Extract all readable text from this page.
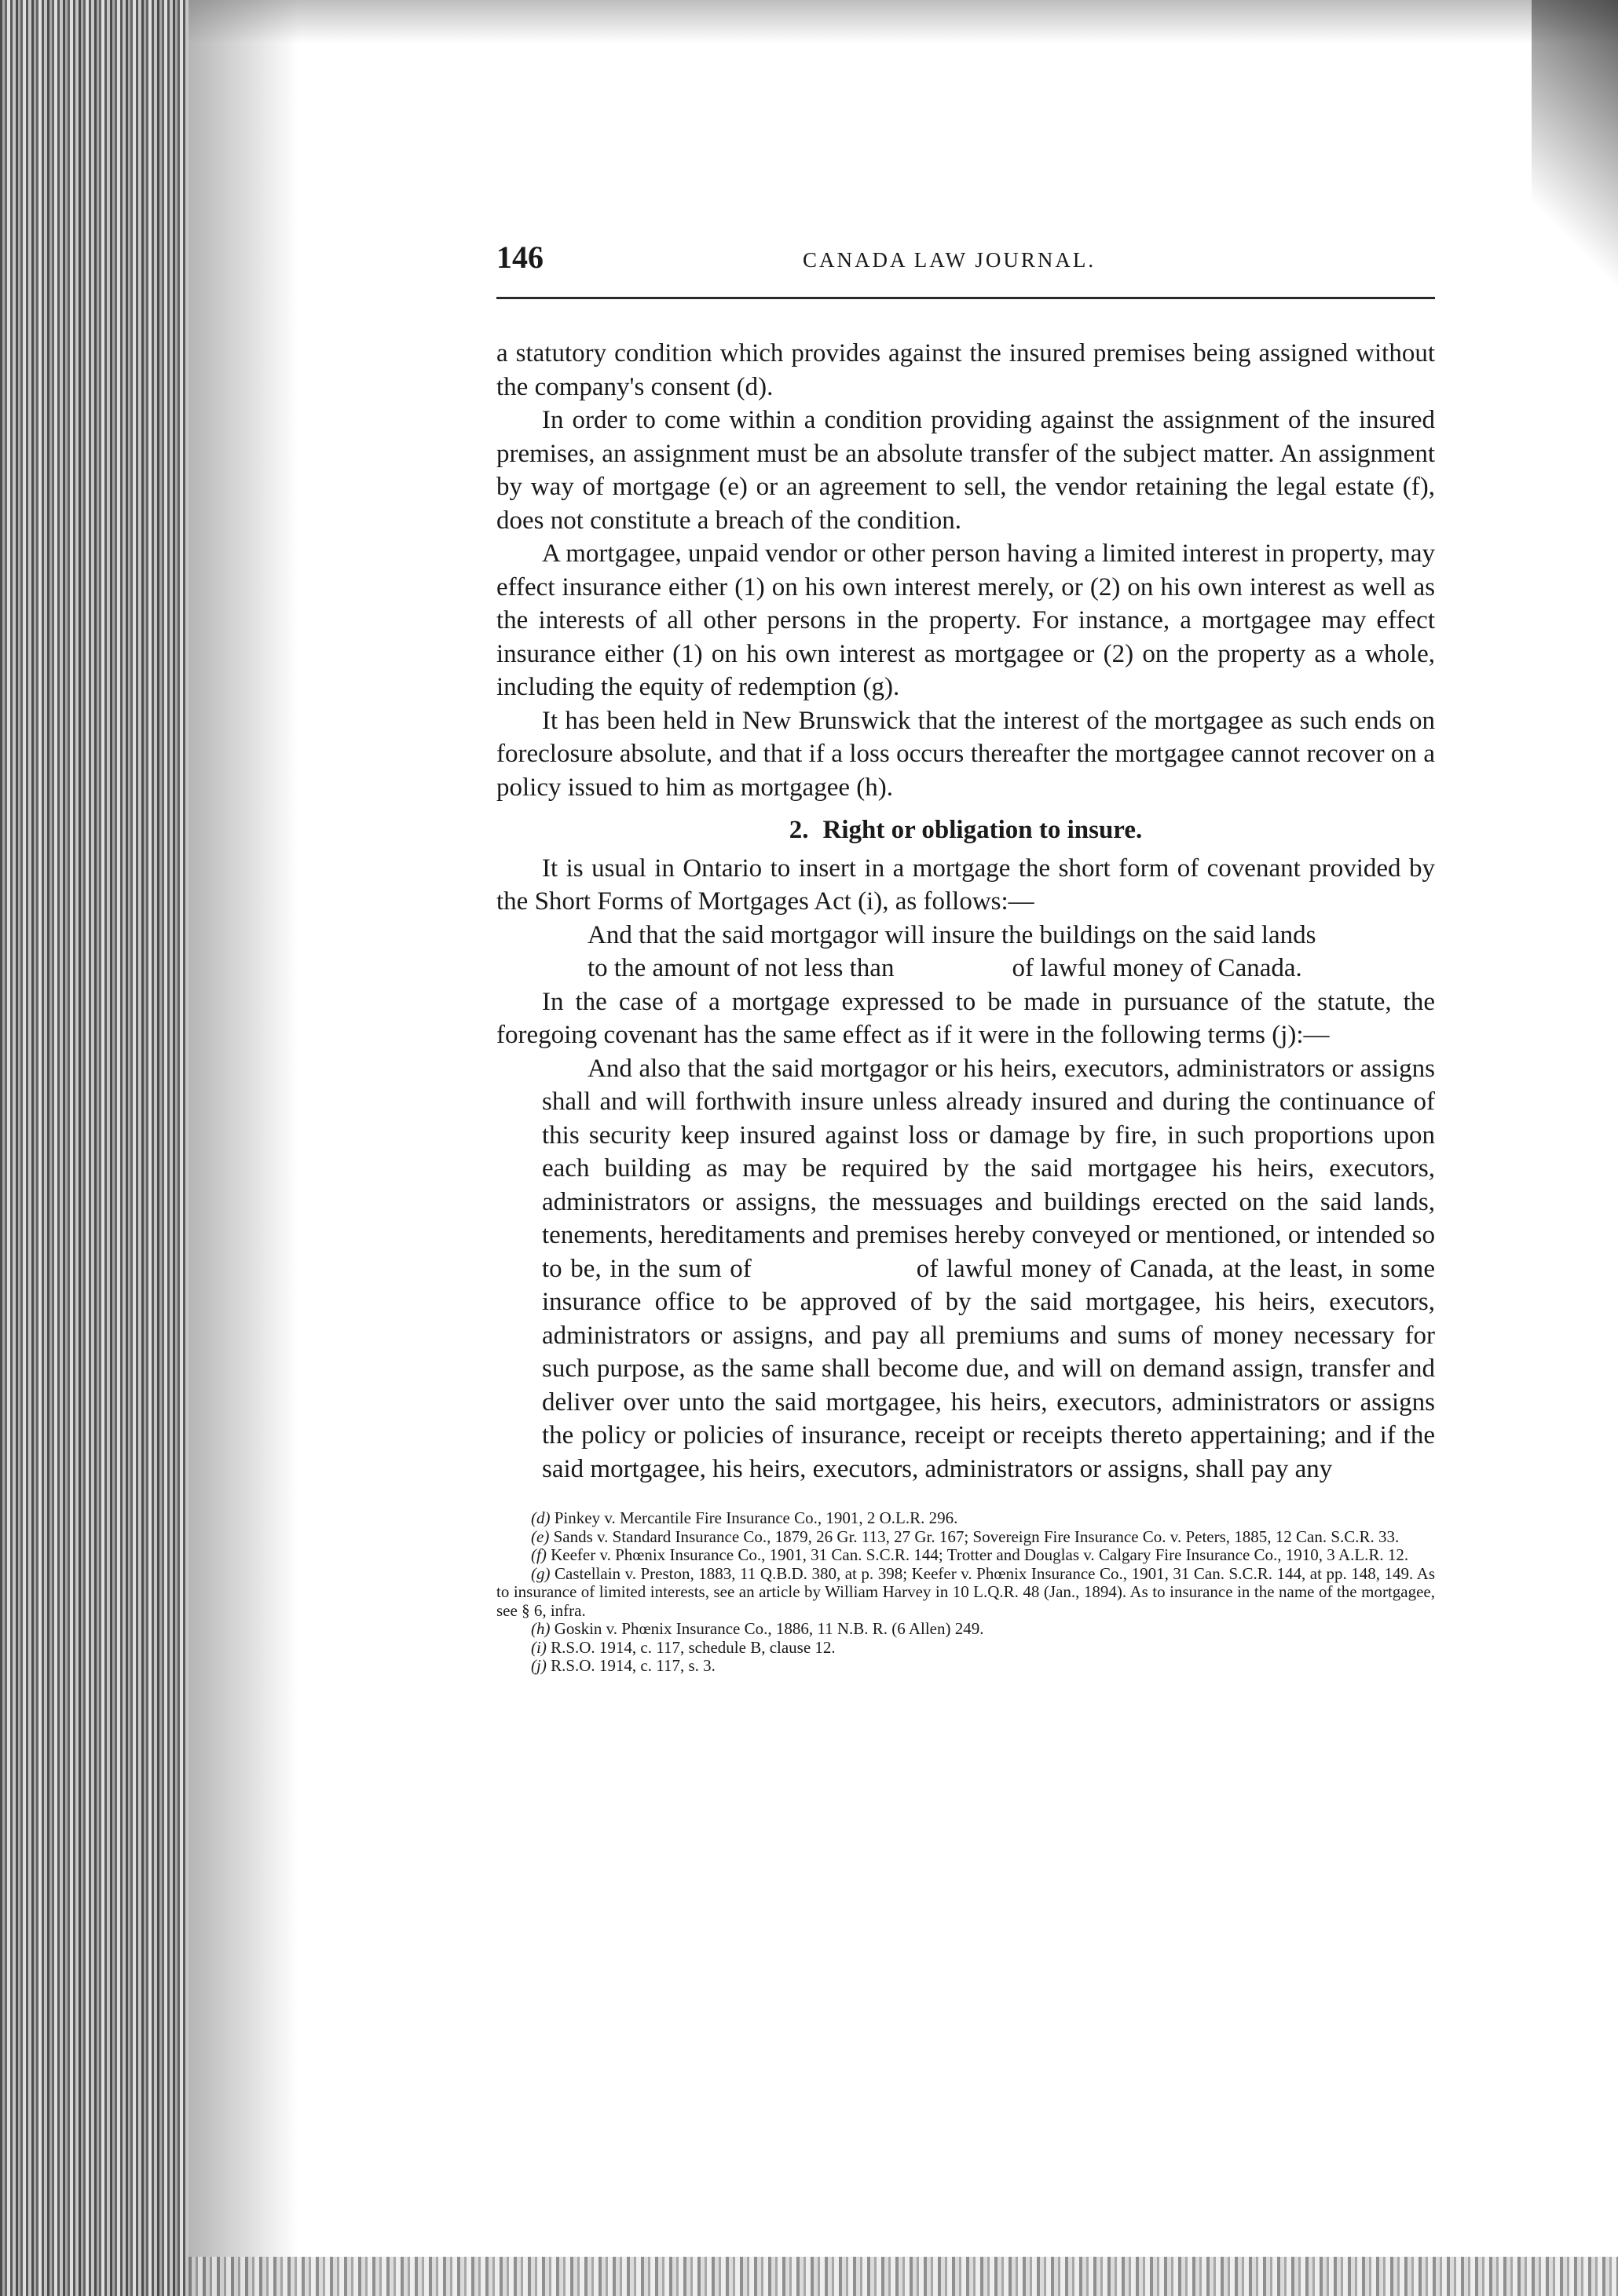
146	CANADA LAW JOURNAL.

a statutory condition which provides against the insured premises being assigned without the company's consent (d).

In order to come within a condition providing against the assignment of the insured premises, an assignment must be an absolute transfer of the subject matter. An assignment by way of mortgage (e) or an agreement to sell, the vendor retaining the legal estate (f), does not constitute a breach of the condition.

A mortgagee, unpaid vendor or other person having a limited interest in property, may effect insurance either (1) on his own interest merely, or (2) on his own interest as well as the interests of all other persons in the property. For instance, a mortgagee may effect insurance either (1) on his own interest as mortgagee or (2) on the property as a whole, including the equity of redemption (g).

It has been held in New Brunswick that the interest of the mortgagee as such ends on foreclosure absolute, and that if a loss occurs thereafter the mortgagee cannot recover on a policy issued to him as mortgagee (h).

2. Right or obligation to insure.

It is usual in Ontario to insert in a mortgage the short form of covenant provided by the Short Forms of Mortgages Act (i), as follows:—

And that the said mortgagor will insure the buildings on the said lands
to the amount of not less than	of lawful money of Canada.

In the case of a mortgage expressed to be made in pursuance of the statute, the foregoing covenant has the same effect as if it were in the following terms (j):—

And also that the said mortgagor or his heirs, executors, administrators or assigns shall and will forthwith insure unless already insured and during the continuance of this security keep insured against loss or damage by fire, in such proportions upon each building as may be required by the said mortgagee his heirs, executors, administrators or assigns, the messuages and buildings erected on the said lands, tenements, hereditaments and premises hereby conveyed or mentioned, or intended so to be, in the sum of	of lawful money of Canada, at the least, in some insurance office to be approved of by the said mortgagee, his heirs, executors, administrators or assigns, and pay all premiums and sums of money necessary for such purpose, as the same shall become due, and will on demand assign, transfer and deliver over unto the said mortgagee, his heirs, executors, administrators or assigns the policy or policies of insurance, receipt or receipts thereto appertaining; and if the said mortgagee, his heirs, executors, administrators or assigns, shall pay any

(d) Pinkey v. Mercantile Fire Insurance Co., 1901, 2 O.L.R. 296.

(e) Sands v. Standard Insurance Co., 1879, 26 Gr. 113, 27 Gr. 167; Sovereign Fire Insurance Co. v. Peters, 1885, 12 Can. S.C.R. 33.

(f) Keefer v. Phœnix Insurance Co., 1901, 31 Can. S.C.R. 144; Trotter and Douglas v. Calgary Fire Insurance Co., 1910, 3 A.L.R. 12.

(g) Castellain v. Preston, 1883, 11 Q.B.D. 380, at p. 398; Keefer v. Phœnix Insurance Co., 1901, 31 Can. S.C.R. 144, at pp. 148, 149. As to insurance of limited interests, see an article by William Harvey in 10 L.Q.R. 48 (Jan., 1894). As to insurance in the name of the mortgagee, see § 6, infra.

(h) Goskin v. Phœnix Insurance Co., 1886, 11 N.B. R. (6 Allen) 249.

(i) R.S.O. 1914, c. 117, schedule B, clause 12.

(j) R.S.O. 1914, c. 117, s. 3.
